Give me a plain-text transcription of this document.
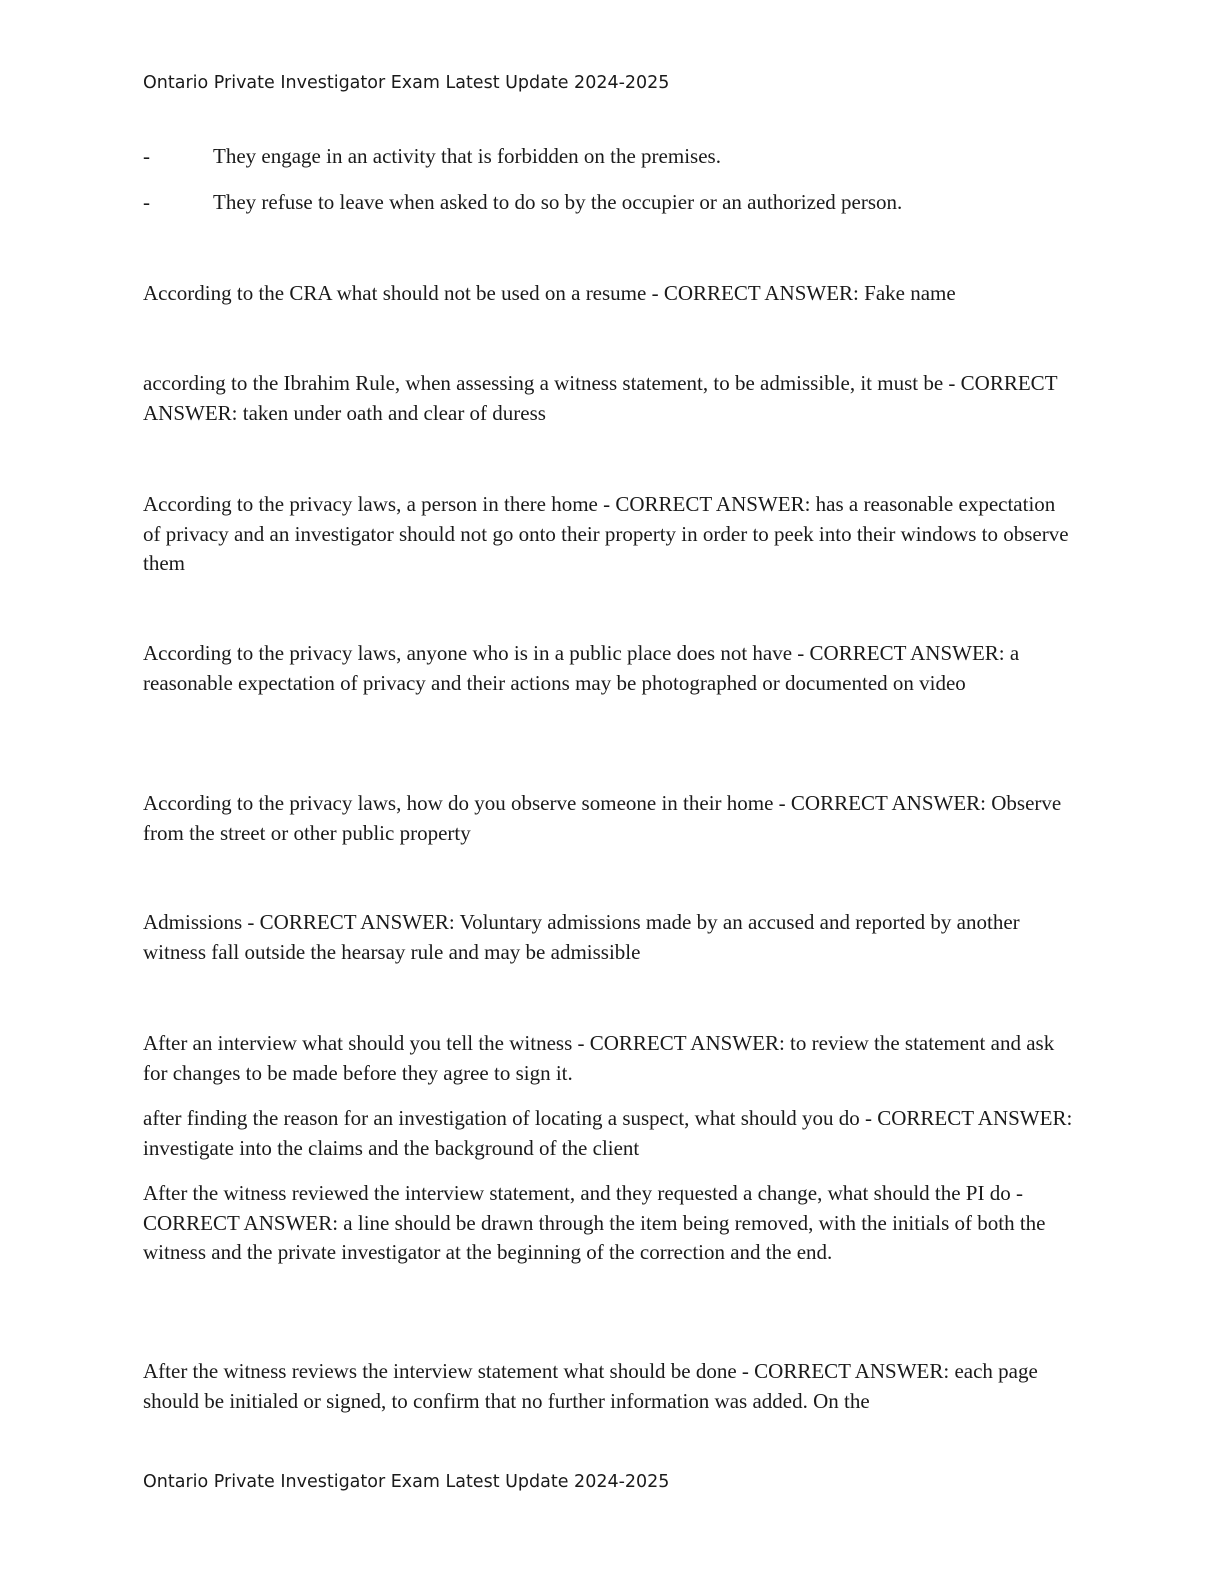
Ontario Private Investigator Exam Latest Update 2024-2025
-	They engage in an activity that is forbidden on the premises.
-	They refuse to leave when asked to do so by the occupier or an authorized person.

According to the CRA what should not be used on a resume - CORRECT ANSWER: Fake name

according to the Ibrahim Rule, when assessing a witness statement, to be admissible, it must be - CORRECT ANSWER: taken under oath and clear of duress

According to the privacy laws, a person in there home - CORRECT ANSWER: has a reasonable expectation of privacy and an investigator should not go onto their property in order to peek into their windows to observe them

According to the privacy laws, anyone who is in a public place does not have - CORRECT ANSWER: a reasonable expectation of privacy and their actions may be photographed or documented on video

According to the privacy laws, how do you observe someone in their home - CORRECT ANSWER: Observe from the street or other public property

Admissions - CORRECT ANSWER: Voluntary admissions made by an accused and reported by another witness fall outside the hearsay rule and may be admissible

After an interview what should you tell the witness - CORRECT ANSWER: to review the statement and ask for changes to be made before they agree to sign it.

after finding the reason for an investigation of locating a suspect, what should you do - CORRECT ANSWER: investigate into the claims and the background of the client

After the witness reviewed the interview statement, and they requested a change, what should the PI do - CORRECT ANSWER: a line should be drawn through the item being removed, with the initials of both the witness and the private investigator at the beginning of the correction and the end.

After the witness reviews the interview statement what should be done - CORRECT ANSWER: each page should be initialed or signed, to confirm that no further information was added. On the

Ontario Private Investigator Exam Latest Update 2024-2025
